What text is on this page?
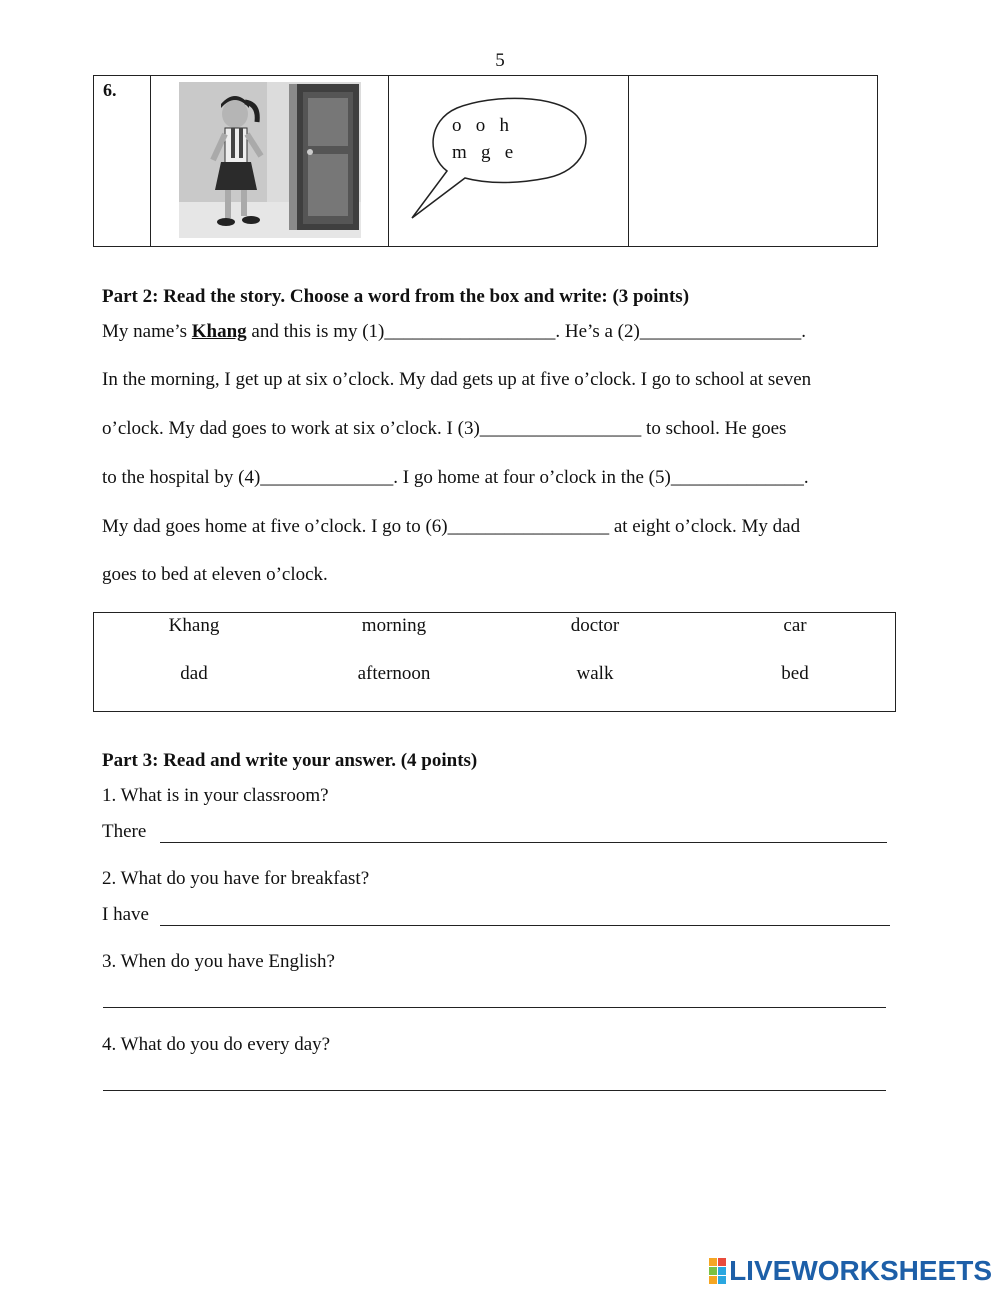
5
6.
o   o   h
m   g   e
Part 2: Read the story. Choose a word from the box and write: (3 points)
My name’s Khang and this is my (1)__________________. He’s a (2)_________________.
In the morning, I get up at six o’clock. My dad gets up at five o’clock. I go to school at seven
o’clock. My dad goes to work at six o’clock. I (3)_________________ to school. He goes
to the hospital by (4)______________. I go home at four o’clock in the (5)______________.
My dad goes home at five o’clock. I go to (6)_________________ at eight o’clock. My dad
goes to bed at eleven o’clock.
Khang	morning	doctor	car
dad	afternoon	walk	bed
Part 3: Read and write your answer. (4 points)
1. What is in your classroom?
There
2. What do you have for breakfast?
I have
3. When do you have English?
4. What do you do every day?
LIVEWORKSHEETS
